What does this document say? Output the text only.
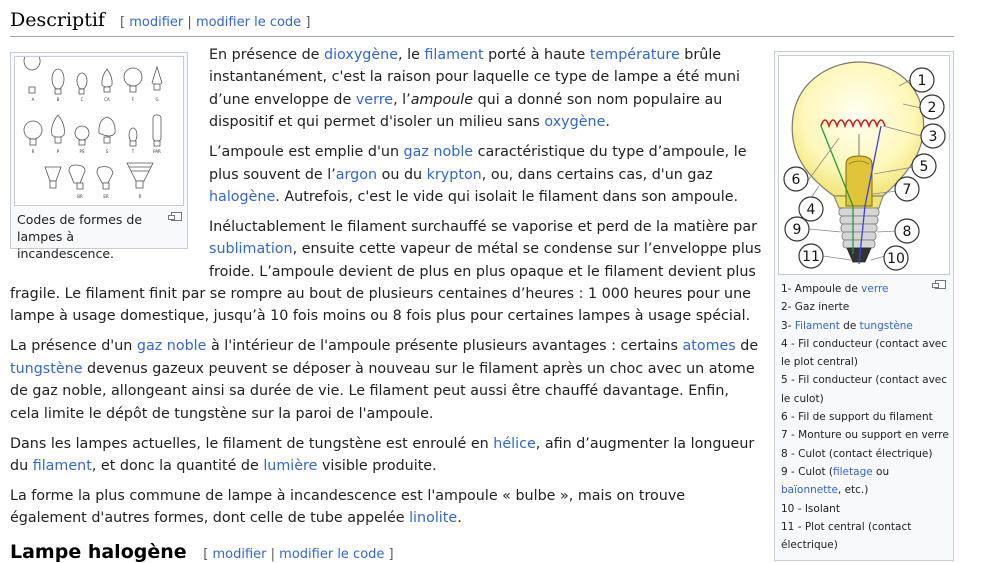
Descriptif [ modifier | modifier le code ]
A	B	C	CA	F	G
R	P	PS	S	T	PAR
BR	ER	R
Codes de formes de lampes à incandescence.
1
2
3
4
5
6
7
8
9
10
11
1- Ampoule de verre
2- Gaz inerte
3- Filament de tungstène
4 - Fil conducteur (contact avec le plot central)
5 - Fil conducteur (contact avec le culot)
6 - Fil de support du filament
7 - Monture ou support en verre
8 - Culot (contact électrique)
9 - Culot (filetage ou baïonnette, etc.)
10 - Isolant
11 - Plot central (contact électrique)

En présence de dioxygène, le filament porté à haute température brûle instantanément, c'est la raison pour laquelle ce type de lampe a été muni d’une enveloppe de verre, l’ampoule qui a donné son nom populaire au dispositif et qui permet d'isoler un milieu sans oxygène.

L’ampoule est emplie d'un gaz noble caractéristique du type d’ampoule, le plus souvent de l’argon ou du krypton, ou, dans certains cas, d'un gaz halogène. Autrefois, c'est le vide qui isolait le filament dans son ampoule.

Inéluctablement le filament surchauffé se vaporise et perd de la matière par sublimation, ensuite cette vapeur de métal se condense sur l’enveloppe plus froide. L’ampoule devient de plus en plus opaque et le filament devient plus fragile. Le filament finit par se rompre au bout de plusieurs centaines d’heures : 1 000 heures pour une lampe à usage domestique, jusqu’à 10 fois moins ou 8 fois plus pour certaines lampes à usage spécial.

La présence d'un gaz noble à l'intérieur de l'ampoule présente plusieurs avantages : certains atomes de tungstène devenus gazeux peuvent se déposer à nouveau sur le filament après un choc avec un atome de gaz noble, allongeant ainsi sa durée de vie. Le filament peut aussi être chauffé davantage. Enfin, cela limite le dépôt de tungstène sur la paroi de l'ampoule.

Dans les lampes actuelles, le filament de tungstène est enroulé en hélice, afin d’augmenter la longueur du filament, et donc la quantité de lumière visible produite.

La forme la plus commune de lampe à incandescence est l'ampoule « bulbe », mais on trouve également d'autres formes, dont celle de tube appelée linolite.

Lampe halogène [ modifier | modifier le code ]
